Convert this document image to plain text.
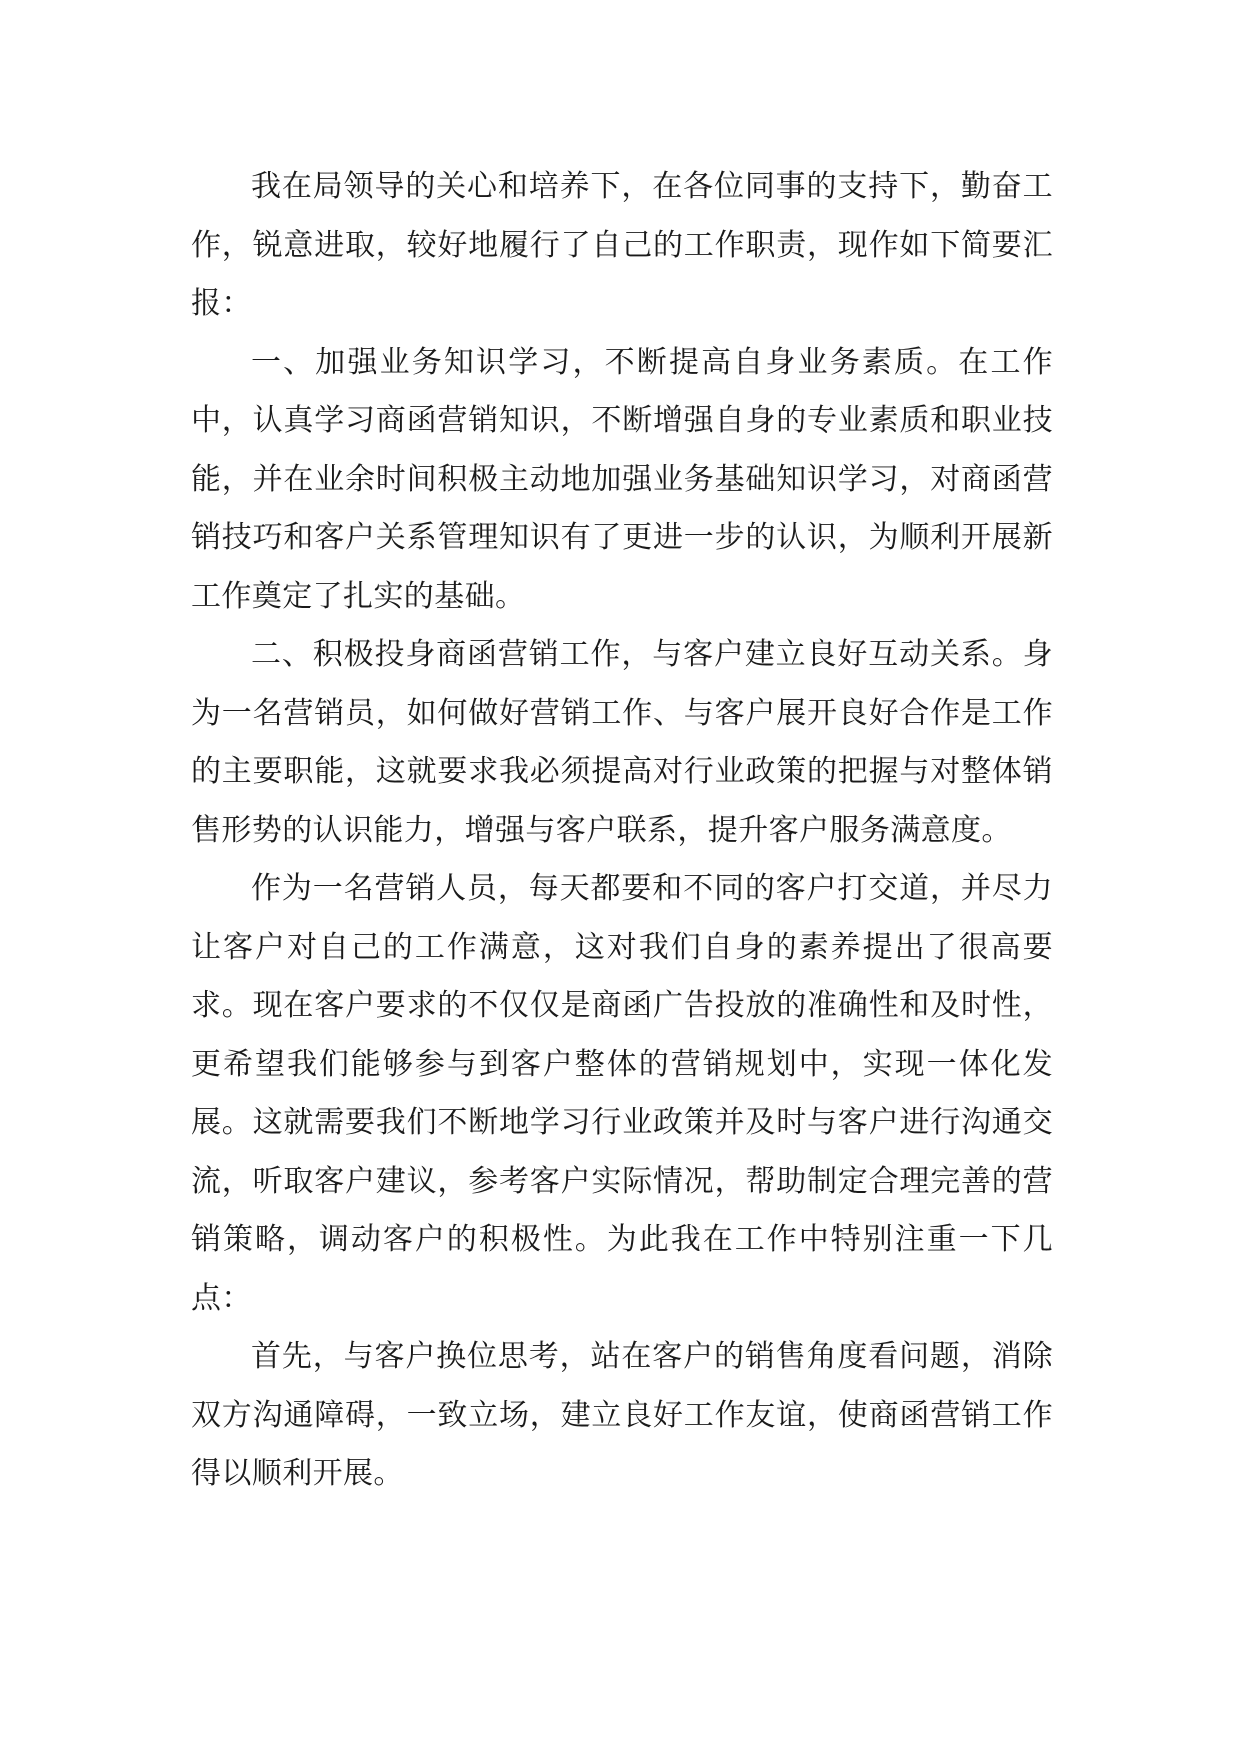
我在局领导的关心和培养下，在各位同事的支持下，勤奋工作，锐意进取，较好地履行了自己的工作职责，现作如下简要汇报：

一、加强业务知识学习，不断提高自身业务素质。在工作中，认真学习商函营销知识，不断增强自身的专业素质和职业技能，并在业余时间积极主动地加强业务基础知识学习，对商函营销技巧和客户关系管理知识有了更进一步的认识，为顺利开展新工作奠定了扎实的基础。

二、积极投身商函营销工作，与客户建立良好互动关系。身为一名营销员，如何做好营销工作、与客户展开良好合作是工作的主要职能，这就要求我必须提高对行业政策的把握与对整体销售形势的认识能力，增强与客户联系，提升客户服务满意度。

作为一名营销人员，每天都要和不同的客户打交道，并尽力让客户对自己的工作满意，这对我们自身的素养提出了很高要求。现在客户要求的不仅仅是商函广告投放的准确性和及时性，更希望我们能够参与到客户整体的营销规划中，实现一体化发展。这就需要我们不断地学习行业政策并及时与客户进行沟通交流，听取客户建议，参考客户实际情况，帮助制定合理完善的营销策略，调动客户的积极性。为此我在工作中特别注重一下几点：

首先，与客户换位思考，站在客户的销售角度看问题，消除双方沟通障碍，一致立场，建立良好工作友谊，使商函营销工作得以顺利开展。
